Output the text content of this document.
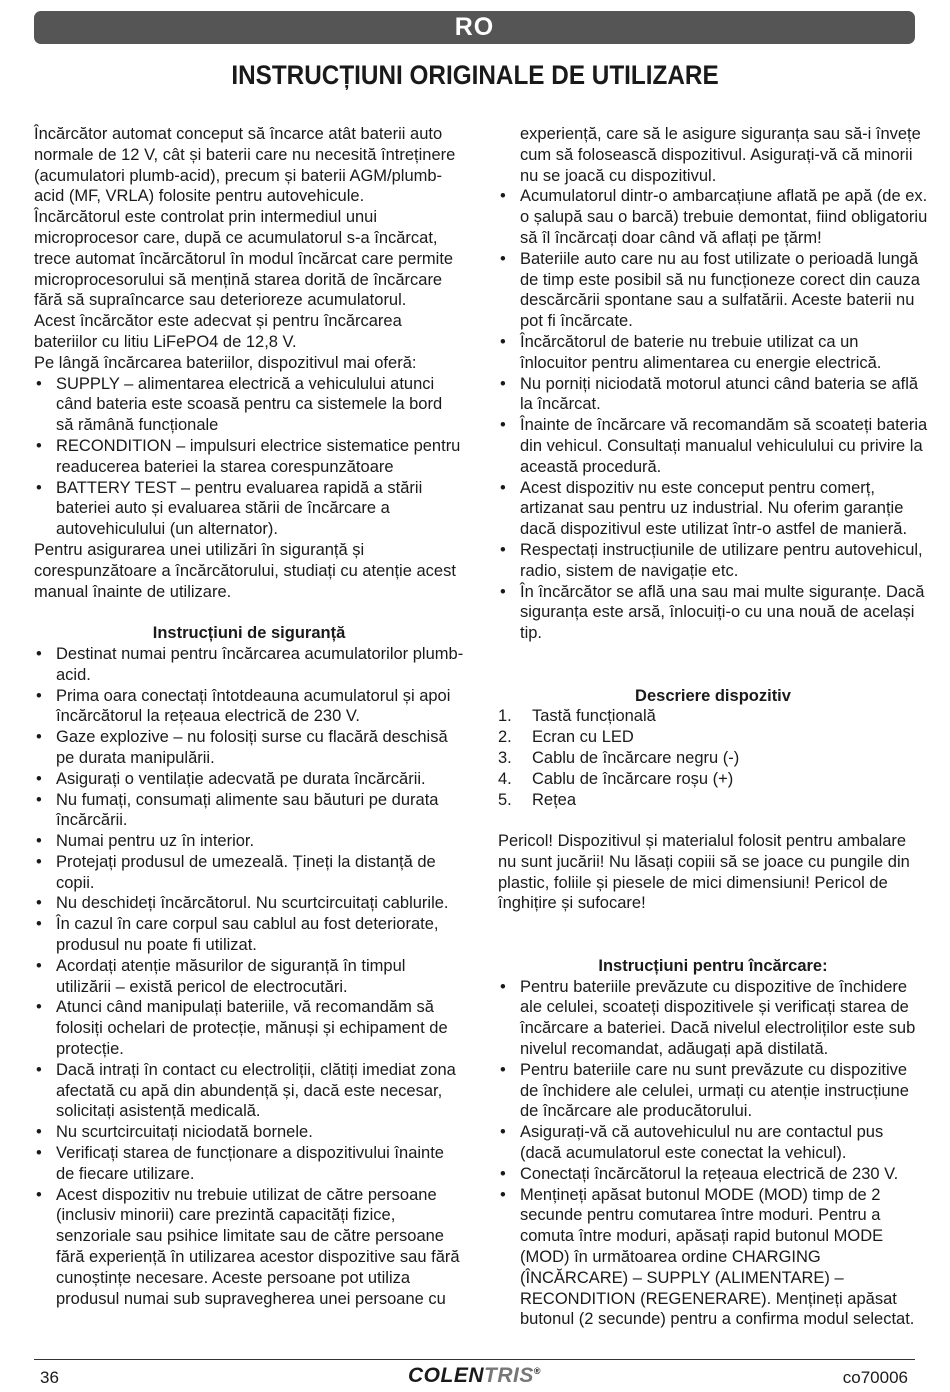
RO
INSTRUCȚIUNI ORIGINALE DE UTILIZARE

Încărcător automat conceput să încarce atât baterii auto normale de 12 V, cât și baterii care nu necesită întreținere (acumulatori plumb-acid), precum și baterii AGM/plumb-acid (MF, VRLA) folosite pentru autovehicule.

Încărcătorul este controlat prin intermediul unui microprocesor care, după ce acumulatorul s-a încărcat, trece automat încărcătorul în modul încărcat care permite microprocesorului să mențină starea dorită de încărcare fără să supraîncarce sau deterioreze acumulatorul.

Acest încărcător este adecvat și pentru încărcarea bateriilor cu litiu LiFePO4 de 12,8 V.

Pe lângă încărcarea bateriilor, dispozitivul mai oferă:

• SUPPLY – alimentarea electrică a vehiculului atunci când bateria este scoasă pentru ca sistemele la bord să rămână funcționale
• RECONDITION – impulsuri electrice sistematice pentru readucerea bateriei la starea corespunzătoare
• BATTERY TEST – pentru evaluarea rapidă a stării bateriei auto și evaluarea stării de încărcare a autovehiculului (un alternator).

Pentru asigurarea unei utilizări în siguranță și corespunzătoare a încărcătorului, studiați cu atenție acest manual înainte de utilizare.

Instrucțiuni de siguranță

• Destinat numai pentru încărcarea acumulatorilor plumb-acid.
• Prima oara conectați întotdeauna acumulatorul și apoi încărcătorul la rețeaua electrică de 230 V.
• Gaze explozive – nu folosiți surse cu flacără deschisă pe durata manipulării.
• Asigurați o ventilație adecvată pe durata încărcării.
• Nu fumați, consumați alimente sau băuturi pe durata încărcării.
• Numai pentru uz în interior.
• Protejați produsul de umezeală. Țineți la distanță de copii.
• Nu deschideți încărcătorul. Nu scurtcircuitați cablurile.
• În cazul în care corpul sau cablul au fost deteriorate, produsul nu poate fi utilizat.
• Acordați atenție măsurilor de siguranță în timpul utilizării – există pericol de electrocutări.
• Atunci când manipulați bateriile, vă recomandăm să folosiți ochelari de protecție, mănuși și echipament de protecție.
• Dacă intrați în contact cu electroliții, clătiți imediat zona afectată cu apă din abundență și, dacă este necesar, solicitați asistență medicală.
• Nu scurtcircuitați niciodată bornele.
• Verificați starea de funcționare a dispozitivului înainte de fiecare utilizare.
• Acest dispozitiv nu trebuie utilizat de către persoane (inclusiv minorii) care prezintă capacități fizice, senzoriale sau psihice limitate sau de către persoane fără experiență în utilizarea acestor dispozitive sau fără cunoștințe necesare. Aceste persoane pot utiliza produsul numai sub supravegherea unei persoane cu
experiență, care să le asigure siguranța sau să-i învețe cum să folosească dispozitivul. Asigurați-vă că minorii nu se joacă cu dispozitivul.
• Acumulatorul dintr-o ambarcațiune aflată pe apă (de ex. o șalupă sau o barcă) trebuie demontat, fiind obligatoriu să îl încărcați doar când vă aflați pe țărm!
• Bateriile auto care nu au fost utilizate o perioadă lungă de timp este posibil să nu funcționeze corect din cauza descărcării spontane sau a sulfatării. Aceste baterii nu pot fi încărcate.
• Încărcătorul de baterie nu trebuie utilizat ca un înlocuitor pentru alimentarea cu energie electrică.
• Nu porniți niciodată motorul atunci când bateria se află la încărcat.
• Înainte de încărcare vă recomandăm să scoateți bateria din vehicul. Consultați manualul vehiculului cu privire la această procedură.
• Acest dispozitiv nu este conceput pentru comerț, artizanat sau pentru uz industrial. Nu oferim garanție dacă dispozitivul este utilizat într-o astfel de manieră.
• Respectați instrucțiunile de utilizare pentru autovehicul, radio, sistem de navigație etc.
• În încărcător se află una sau mai multe siguranțe. Dacă siguranța este arsă, înlocuiți-o cu una nouă de același tip.

Descriere dispozitiv

1. Tastă funcțională
2. Ecran cu LED
3. Cablu de încărcare negru (-)
4. Cablu de încărcare roșu (+)
5. Rețea

Pericol! Dispozitivul și materialul folosit pentru ambalare nu sunt jucării! Nu lăsați copiii să se joace cu pungile din plastic, foliile și piesele de mici dimensiuni! Pericol de înghițire și sufocare!

Instrucțiuni pentru încărcare:

• Pentru bateriile prevăzute cu dispozitive de închidere ale celulei, scoateți dispozitivele și verificați starea de încărcare a bateriei. Dacă nivelul electroliților este sub nivelul recomandat, adăugați apă distilată.
• Pentru bateriile care nu sunt prevăzute cu dispozitive de închidere ale celulei, urmați cu atenție instrucțiune de încărcare ale producătorului.
• Asigurați-vă că autovehiculul nu are contactul pus (dacă acumulatorul este conectat la vehicul).
• Conectați încărcătorul la rețeaua electrică de 230 V.
• Mențineți apăsat butonul MODE (MOD) timp de 2 secunde pentru comutarea între moduri. Pentru a comuta între moduri, apăsați rapid butonul MODE (MOD) în următoarea ordine CHARGING (ÎNCĂRCARE) – SUPPLY (ALIMENTARE) – RECONDITION (REGENERARE). Mențineți apăsat butonul (2 secunde) pentru a confirma modul selectat.
36	COLENTRIS®	co70006
